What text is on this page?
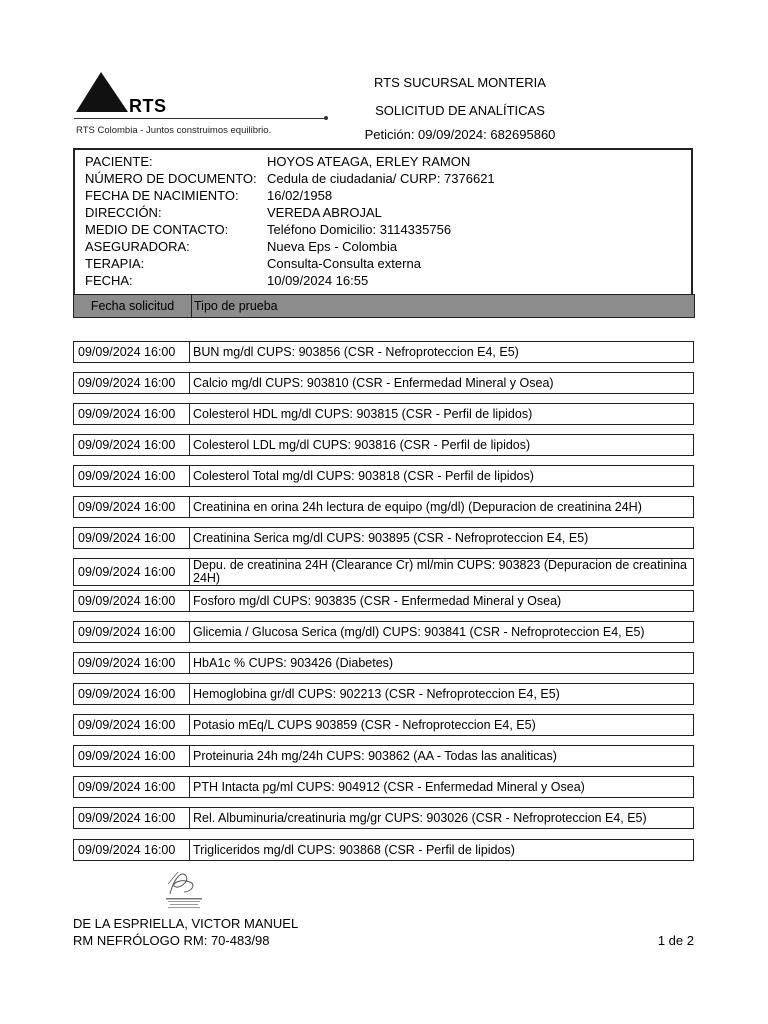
RTS
RTS Colombia - Juntos construimos equilibrio.
RTS SUCURSAL MONTERIA
SOLICITUD DE ANALÍTICAS
Petición: 09/09/2024: 682695860
PACIENTE:	HOYOS ATEAGA, ERLEY RAMON
NÚMERO DE DOCUMENTO: Cedula de ciudadania/ CURP: 7376621
FECHA DE NACIMIENTO: 16/02/1958
DIRECCIÓN:	VEREDA ABROJAL
MEDIO DE CONTACTO:	Teléfono Domicilio: 3114335756
ASEGURADORA:	Nueva Eps - Colombia
TERAPIA:	Consulta-Consulta externa
FECHA:	10/09/2024 16:55
Fecha solicitud	Tipo de prueba
09/09/2024 16:00	BUN mg/dl CUPS: 903856 (CSR - Nefroproteccion E4, E5)
09/09/2024 16:00	Calcio mg/dl CUPS: 903810 (CSR - Enfermedad Mineral y Osea)
09/09/2024 16:00	Colesterol HDL mg/dl CUPS: 903815 (CSR - Perfil de lipidos)
09/09/2024 16:00	Colesterol LDL mg/dl CUPS: 903816 (CSR - Perfil de lipidos)
09/09/2024 16:00	Colesterol Total mg/dl CUPS: 903818 (CSR - Perfil de lipidos)
09/09/2024 16:00	Creatinina en orina 24h lectura de equipo (mg/dl) (Depuracion de creatinina 24H)
09/09/2024 16:00	Creatinina Serica mg/dl CUPS: 903895 (CSR - Nefroproteccion E4, E5)
09/09/2024 16:00	Depu. de creatinina 24H (Clearance Cr) ml/min CUPS: 903823 (Depuracion de creatinina 24H)
09/09/2024 16:00	Fosforo mg/dl CUPS: 903835 (CSR - Enfermedad Mineral y Osea)
09/09/2024 16:00	Glicemia / Glucosa Serica (mg/dl) CUPS: 903841 (CSR - Nefroproteccion E4, E5)
09/09/2024 16:00	HbA1c % CUPS: 903426 (Diabetes)
09/09/2024 16:00	Hemoglobina gr/dl CUPS: 902213 (CSR - Nefroproteccion E4, E5)
09/09/2024 16:00	Potasio mEq/L CUPS 903859 (CSR - Nefroproteccion E4, E5)
09/09/2024 16:00	Proteinuria 24h mg/24h CUPS: 903862 (AA - Todas las analiticas)
09/09/2024 16:00	PTH Intacta pg/ml CUPS: 904912 (CSR - Enfermedad Mineral y Osea)
09/09/2024 16:00	Rel. Albuminuria/creatinuria mg/gr CUPS: 903026 (CSR - Nefroproteccion E4, E5)
09/09/2024 16:00	Trigliceridos mg/dl CUPS: 903868 (CSR - Perfil de lipidos)
DE LA ESPRIELLA, VICTOR MANUEL
RM NEFRÓLOGO RM: 70-483/98	1 de 2
